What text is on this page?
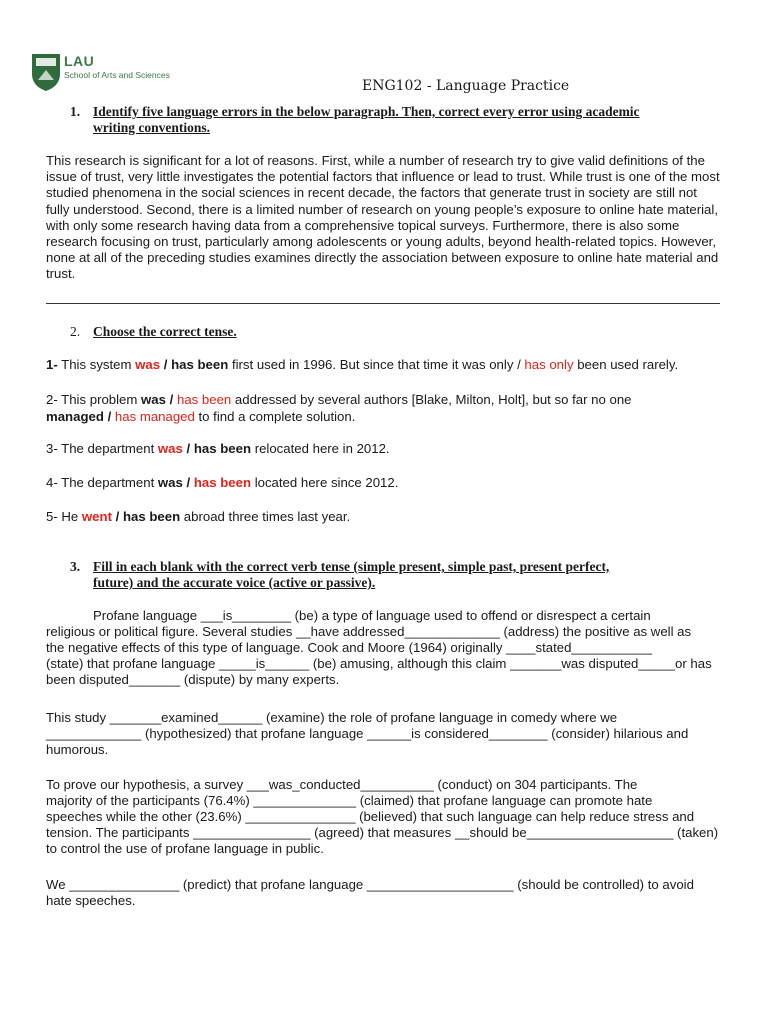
LAU
School of Arts and Sciences
ENG102 - Language Practice
1. Identify five language errors in the below paragraph. Then, correct every error using academic
writing conventions.
This research is significant for a lot of reasons. First, while a number of research try to give valid definitions of the issue of trust, very little investigates the potential factors that influence or lead to trust. While trust is one of the most studied phenomena in the social sciences in recent decade, the factors that generate trust in society are still not fully understood. Second, there is a limited number of research on young people’s exposure to online hate material, with only some research having data from a comprehensive topical surveys. Furthermore, there is also some research focusing on trust, particularly among adolescents or young adults, beyond health-related topics. However, none at all of the preceding studies examines directly the association between exposure to online hate material and trust.
2. Choose the correct tense.
1- This system was / has been first used in 1996. But since that time it was only / has only been used rarely.
2- This problem was / has been addressed by several authors [Blake, Milton, Holt], but so far no one
managed / has managed to find a complete solution.
3- The department was / has been relocated here in 2012.
4- The department was / has been located here since 2012.
5- He went / has been abroad three times last year.
3. Fill in each blank with the correct verb tense (simple present, simple past, present perfect,
future) and the accurate voice (active or passive).

Profane language ___is________ (be) a type of language used to offend or disrespect a certain

religious or political figure. Several studies __have addressed_____________ (address) the positive as well as

the negative effects of this type of language. Cook and Moore (1964) originally ____stated___________

(state) that profane language _____is______ (be) amusing, although this claim _______was disputed_____or has

been disputed_______ (dispute) by many experts.

This study _______examined______ (examine) the role of profane language in comedy where we

_____________ (hypothesized) that profane language ______is considered________ (consider) hilarious and

humorous.

To prove our hypothesis, a survey ___was_conducted__________ (conduct) on 304 participants. The

majority of the participants (76.4%) ______________ (claimed) that profane language can promote hate

speeches while the other (23.6%) _______________ (believed) that such language can help reduce stress and

tension. The participants ________________ (agreed) that measures __should be____________________ (taken)

to control the use of profane language in public.

We _______________ (predict) that profane language ____________________ (should be controlled) to avoid

hate speeches.
